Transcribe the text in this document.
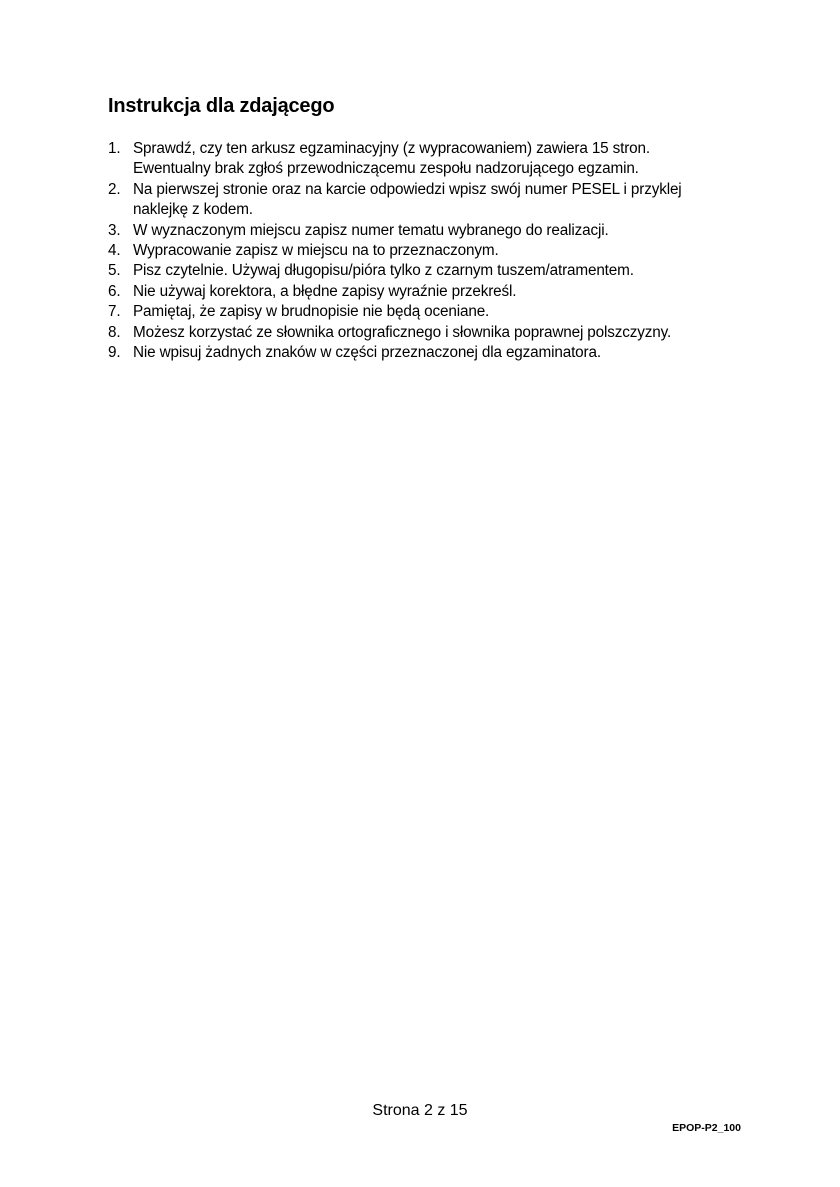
Instrukcja dla zdającego
1. Sprawdź, czy ten arkusz egzaminacyjny (z wypracowaniem) zawiera 15 stron. Ewentualny brak zgłoś przewodniczącemu zespołu nadzorującego egzamin.
2. Na pierwszej stronie oraz na karcie odpowiedzi wpisz swój numer PESEL i przyklej naklejkę z kodem.
3. W wyznaczonym miejscu zapisz numer tematu wybranego do realizacji.
4. Wypracowanie zapisz w miejscu na to przeznaczonym.
5. Pisz czytelnie. Używaj długopisu/pióra tylko z czarnym tuszem/atramentem.
6. Nie używaj korektora, a błędne zapisy wyraźnie przekreśl.
7. Pamiętaj, że zapisy w brudnopisie nie będą oceniane.
8. Możesz korzystać ze słownika ortograficznego i słownika poprawnej polszczyzny.
9. Nie wpisuj żadnych znaków w części przeznaczonej dla egzaminatora.
Strona 2 z 15
EPOP-P2_100
